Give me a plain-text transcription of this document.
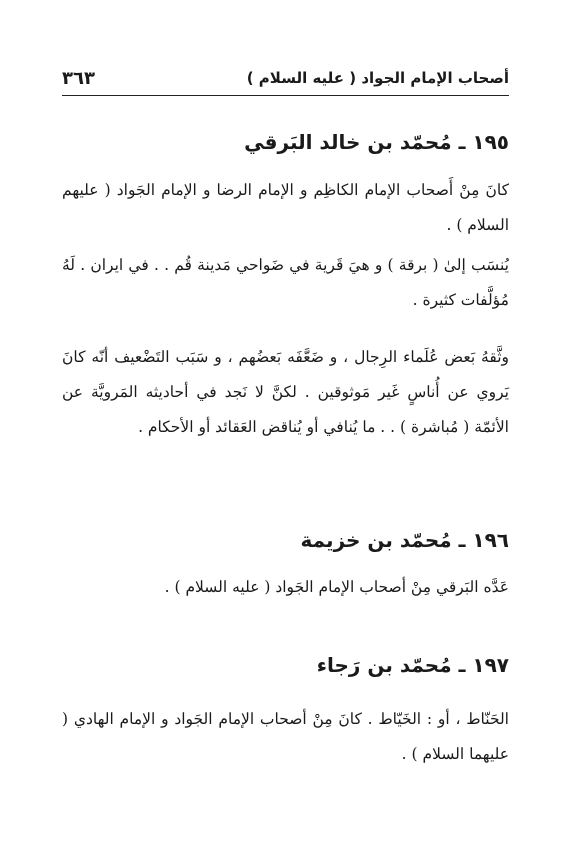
٣٦٣	أصحاب الإمام الجواد ( عليه السلام )
١٩٥ ـ مُحمّد بن خالد البَرقي

كانَ مِنْ أَصحاب الإمام الكاظِم و الإمام الرضا و الإمام الجَواد ( عليهم السلام ) .

يُنسَب إلىٰ ( برقة ) و هيَ قَرية في ضَواحي مَدينة قُم . . في ايران . لَهُ مُؤلَّفات كثيرة .

وثَّقهُ بَعض عُلَماء الرِجال ، و ضَعَّفَه بَعضُهم ، و سَبَب التَضْعيف أنّه كانَ يَروي عن أُناسٍ غَير مَوثوقين . لكنَّ لا نَجد في أحاديثه المَرويَّة عن الأئمّة ( مُباشرة ) . . ما يُنافي أو يُناقض العَقائد أو الأحكام .

١٩٦ ـ مُحمّد بن خزيمة

عَدَّه البَرقي مِنْ أصحاب الإمام الجَواد ( عليه السلام ) .

١٩٧ ـ مُحمّد بن رَجاء

الحَنّاط ، أو : الخَيّاط . كانَ مِنْ أصحاب الإمام الجَواد و الإمام الهادي ( عليهما السلام ) .
